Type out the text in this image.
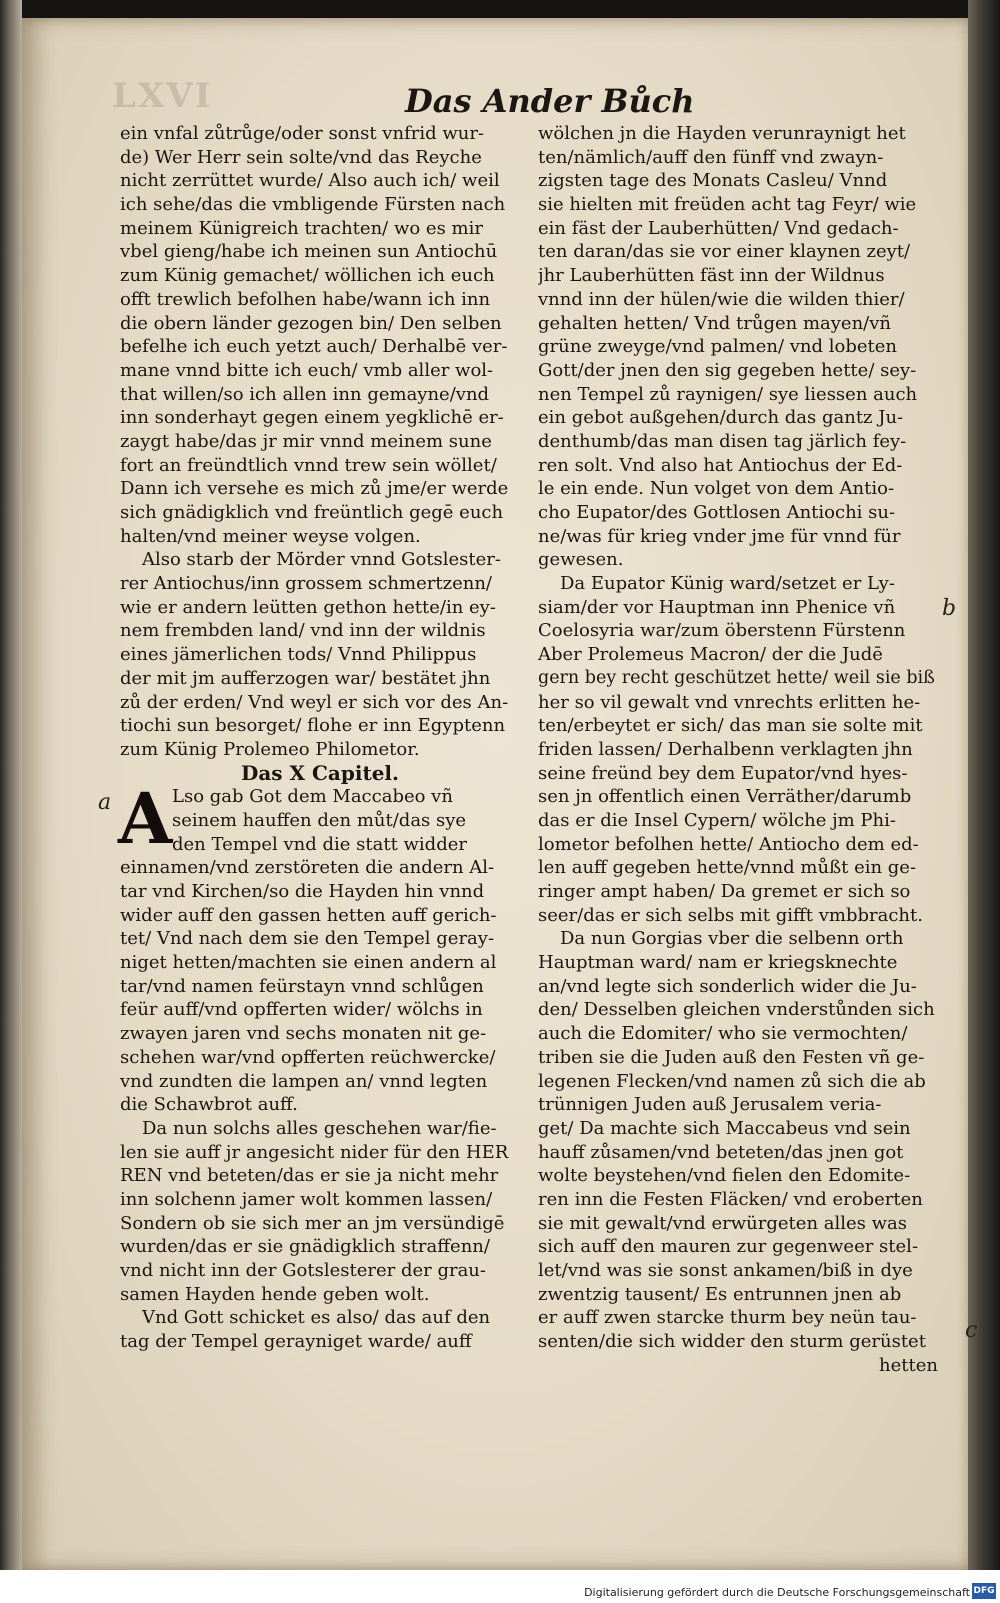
LXVI	Das Ander Bůch
ein vnfal zůtrůge/oder sonst vnfrid wur-
de) Wer Herr sein solte/vnd das Reyche
nicht zerrüttet wurde/ Also auch ich/ weil
ich sehe/das die vmbligende Fürsten nach
meinem Künigreich trachten/ wo es mir
vbel gieng/habe ich meinen sun Antiochū
zum Künig gemachet/ wöllichen ich euch
offt trewlich befolhen habe/wann ich inn
die obern länder gezogen bin/ Den selben
befelhe ich euch yetzt auch/ Derhalbē ver-
mane vnnd bitte ich euch/ vmb aller wol-
that willen/so ich allen inn gemayne/vnd
inn sonderhayt gegen einem yegklichē er-
zaygt habe/das jr mir vnnd meinem sune
fort an freündtlich vnnd trew sein wöllet/
Dann ich versehe es mich zů jme/er werde
sich gnädigklich vnd freüntlich gegē euch
halten/vnd meiner weyse volgen.
Also starb der Mörder vnnd Gotslester-
rer Antiochus/inn grossem schmertzenn/
wie er andern leütten gethon hette/in ey-
nem frembden land/ vnd inn der wildnis
eines jämerlichen tods/ Vnnd Philippus
der mit jm aufferzogen war/ bestätet jhn
zů der erden/ Vnd weyl er sich vor des An-
tiochi sun besorget/ flohe er inn Egyptenn
zum Künig Prolemeo Philometor.
Das X Capitel.
Lso gab Got dem Maccabeo vñ
seinem hauffen den můt/das sye
den Tempel vnd die statt widder
einnamen/vnd zerstöreten die andern Al-
tar vnd Kirchen/so die Hayden hin vnnd
wider auff den gassen hetten auff gerich-
tet/ Vnd nach dem sie den Tempel geray-
niget hetten/machten sie einen andern al
tar/vnd namen feürstayn vnnd schlůgen
feür auff/vnd opfferten wider/ wölchs in
zwayen jaren vnd sechs monaten nit ge-
schehen war/vnd opfferten reüchwercke/
vnd zundten die lampen an/ vnnd legten
die Schawbrot auff.
Da nun solchs alles geschehen war/fie-
len sie auff jr angesicht nider für den HER
REN vnd beteten/das er sie ja nicht mehr
inn solchenn jamer wolt kommen lassen/
Sondern ob sie sich mer an jm versündigē
wurden/das er sie gnädigklich straffenn/
vnd nicht inn der Gotslesterer der grau-
samen Hayden hende geben wolt.
Vnd Gott schicket es also/ das auf den
tag der Tempel gerayniget warde/ auff
A
wölchen jn die Hayden verunraynigt het
ten/nämlich/auff den fünff vnd zwayn-
zigsten tage des Monats Casleu/ Vnnd
sie hielten mit freüden acht tag Feyr/ wie
ein fäst der Lauberhütten/ Vnd gedach-
ten daran/das sie vor einer klaynen zeyt/
jhr Lauberhütten fäst inn der Wildnus
vnnd inn der hülen/wie die wilden thier/
gehalten hetten/ Vnd trůgen mayen/vñ
grüne zweyge/vnd palmen/ vnd lobeten
Gott/der jnen den sig gegeben hette/ sey-
nen Tempel zů raynigen/ sye liessen auch
ein gebot außgehen/durch das gantz Ju-
denthumb/das man disen tag järlich fey-
ren solt. Vnd also hat Antiochus der Ed-
le ein ende. Nun volget von dem Antio-
cho Eupator/des Gottlosen Antiochi su-
ne/was für krieg vnder jme für vnnd für
gewesen.
Da Eupator Künig ward/setzet er Ly-
siam/der vor Hauptman inn Phenice vñ
Coelosyria war/zum öberstenn Fürstenn
Aber Prolemeus Macron/ der die Judē
gern bey recht geschützet hette/ weil sie biß
her so vil gewalt vnd vnrechts erlitten he-
ten/erbeytet er sich/ das man sie solte mit
friden lassen/ Derhalbenn verklagten jhn
seine freünd bey dem Eupator/vnd hyes-
sen jn offentlich einen Verräther/darumb
das er die Insel Cypern/ wölche jm Phi-
lometor befolhen hette/ Antiocho dem ed-
len auff gegeben hette/vnnd můßt ein ge-
ringer ampt haben/ Da gremet er sich so
seer/das er sich selbs mit gifft vmbbracht.
Da nun Gorgias vber die selbenn orth
Hauptman ward/ nam er kriegsknechte
an/vnd legte sich sonderlich wider die Ju-
den/ Desselben gleichen vnderstůnden sich
auch die Edomiter/ who sie vermochten/
triben sie die Juden auß den Festen vñ ge-
legenen Flecken/vnd namen zů sich die ab
trünnigen Juden auß Jerusalem veria-
get/ Da machte sich Maccabeus vnd sein
hauff zůsamen/vnd beteten/das jnen got
wolte beystehen/vnd fielen den Edomite-
ren inn die Festen Fläcken/ vnd eroberten
sie mit gewalt/vnd erwürgeten alles was
sich auff den mauren zur gegenweer stel-
let/vnd was sie sonst ankamen/biß in dye
zwentzig tausent/ Es entrunnen jnen ab
er auff zwen starcke thurm bey neün tau-
senten/die sich widder den sturm gerüstet
hetten
a
b
c
Digitalisierung gefördert durch die Deutsche Forschungsgemeinschaft DFG
